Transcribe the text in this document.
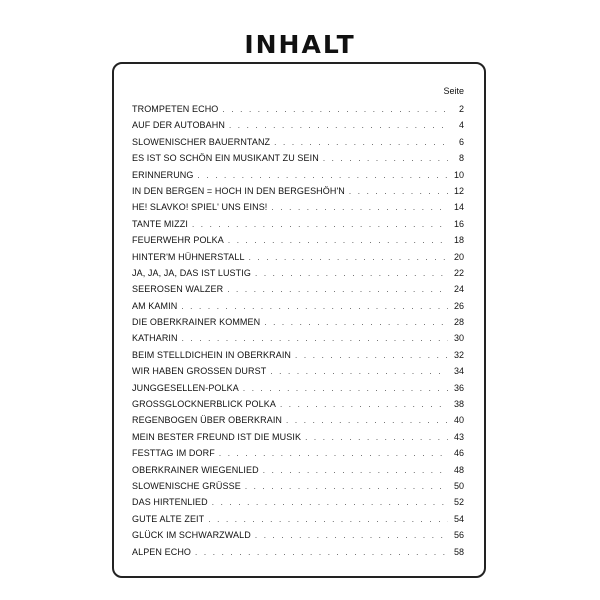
INHALT
Seite
TROMPETEN ECHO . . .	2
AUF DER AUTOBAHN . . .	4
SLOWENISCHER BAUERNTANZ . . .	6
ES IST SO SCHÖN EIN MUSIKANT ZU SEIN . . .	8
ERINNERUNG . . .	10
IN DEN BERGEN = HOCH IN DEN BERGESHÖH'N . . .	12
HE! SLAVKO! SPIEL' UNS EINS! . . .	14
TANTE MIZZI . . .	16
FEUERWEHR POLKA . . .	18
HINTER'M HÜHNERSTALL . . .	20
JA, JA, JA, DAS IST LUSTIG . . .	22
SEEROSEN WALZER . . .	24
AM KAMIN . . .	26
DIE OBERKRAINER KOMMEN . . .	28
KATHARIN . . .	30
BEIM STELLDICHEIN IN OBERKRAIN . . .	32
WIR HABEN GROSSEN DURST . . .	34
JUNGGESELLEN-POLKA . . .	36
GROSSGLOCKNERBLICK POLKA . . .	38
REGENBOGEN ÜBER OBERKRAIN . . .	40
MEIN BESTER FREUND IST DIE MUSIK . . .	43
FESTTAG IM DORF . . .	46
OBERKRAINER WIEGENLIED . . .	48
SLOWENISCHE GRÜSSE . . .	50
DAS HIRTENLIED . . .	52
GUTE ALTE ZEIT . . .	54
GLÜCK IM SCHWARZWALD . . .	56
ALPEN ECHO . . .	58
